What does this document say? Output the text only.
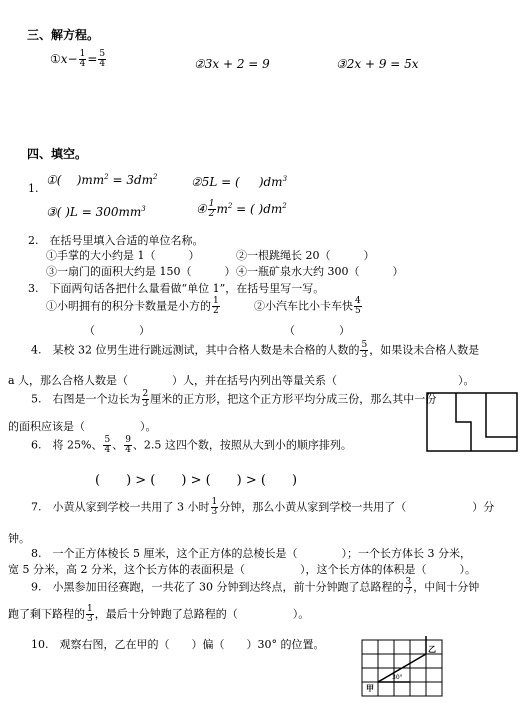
三、解方程。
①x− $\frac{1}{4} = \frac{5}{4}$	②3x + 2 = 9	③2x + 9 = 5x
四、填空。
1.
①( )$mm^2 = 3dm^2$	②5L = ( )$dm^3$
③( )$L = 300mm^3$	④ $\frac{1}{2} m^2$ = ( )$dm^2$
2.　在括号里填入合适的单位名称。
①手掌的大小约是 1（　　　）	②一根跳绳长 20（　　　）
③一扇门的面积大约是 150（　　　） ④一瓶矿泉水大约 300（　　　）
3.　下面两句话各把什么量看做“单位 1”，在括号里写一写。
①小明拥有的积分卡数量是小方的 $\frac{1}{2}$	②小汽车比小卡车快 $\frac{4}{5}$
（　　　　）	（　　　　）
4.　某校 32 位男生进行跳远测试，其中合格人数是未合格的人数的 $\frac{5}{3}$ ，如果设未合格人数是
a 人，那么合格人数是（　　　　）人，并在括号内列出等量关系（　　　　　　　　　　　）。
5.　右图是一个边长为 $\frac{2}{3}$ 厘米的正方形，把这个正方形平均分成三份，那么其中一份
的面积应该是（　　　　　）。
6.　将 25%、 $\frac{5}{4}$ 、 $\frac{9}{4}$ 、2.5 这四个数，按照从大到小的顺序排列。
(　　) > (　　) > (　　) > (　　)
7.　小黄从家到学校一共用了 3 小时 $\frac{1}{3}$ 分钟，那么小黄从家到学校一共用了（　　　　　　）分
钟。
8.　一个正方体棱长 5 厘米，这个正方体的总棱长是（　　　　）；一个长方体长 3 分米，
宽 5 分米，高 2 分米，这个长方体的表面积是（　　　　　），这个长方体的体积是（　　　）。
9.　小黑参加田径赛跑，一共花了 30 分钟到达终点，前十分钟跑了总路程的 $\frac{3}{7}$ ，中间十分钟
跑了剩下路程的 $\frac{1}{3}$ ，最后十分钟跑了总路程的（　　　　　）。
10.　观察右图，乙在甲的（　　）偏（　　）30° 的位置。
甲
乙
30°
